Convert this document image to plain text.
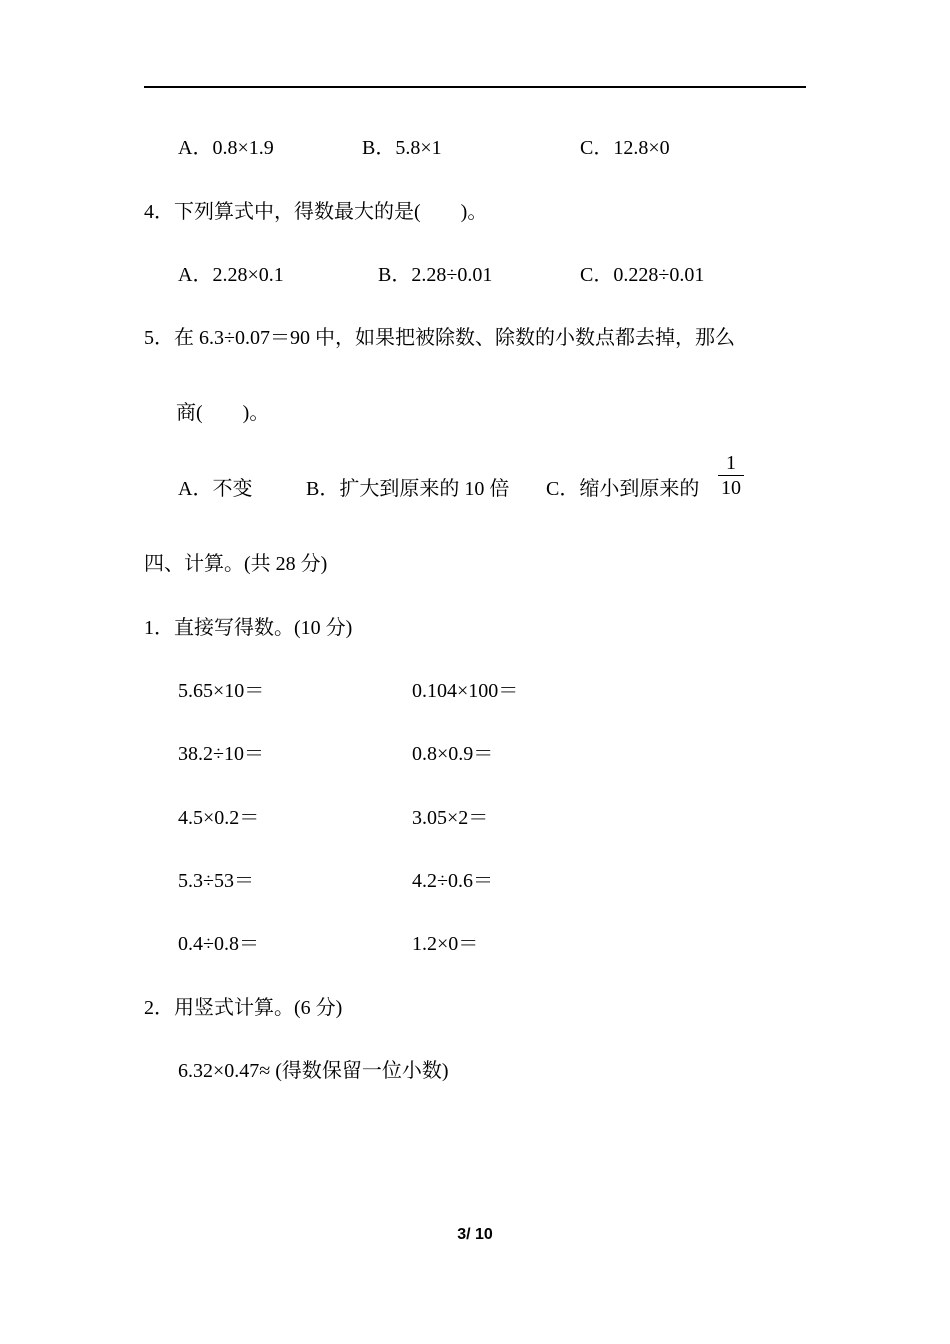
A．0.8×1.9	B．5.8×1	C．12.8×0
4．下列算式中，得数最大的是(　　)。
A．2.28×0.1	B．2.28÷0.01	C．0.228÷0.01
5．在 6.3÷0.07＝90 中，如果把被除数、除数的小数点都去掉，那么
商(　　)。
A．不变	B．扩大到原来的 10 倍 C．缩小到原来的
1
10
四、计算。(共 28 分)
1．直接写得数。(10 分)
5.65×10＝	0.104×100＝
38.2÷10＝	0.8×0.9＝
4.5×0.2＝	3.05×2＝
5.3÷53＝	4.2÷0.6＝
0.4÷0.8＝	1.2×0＝
2．用竖式计算。(6 分)
6.32×0.47≈ (得数保留一位小数)
3/ 10
